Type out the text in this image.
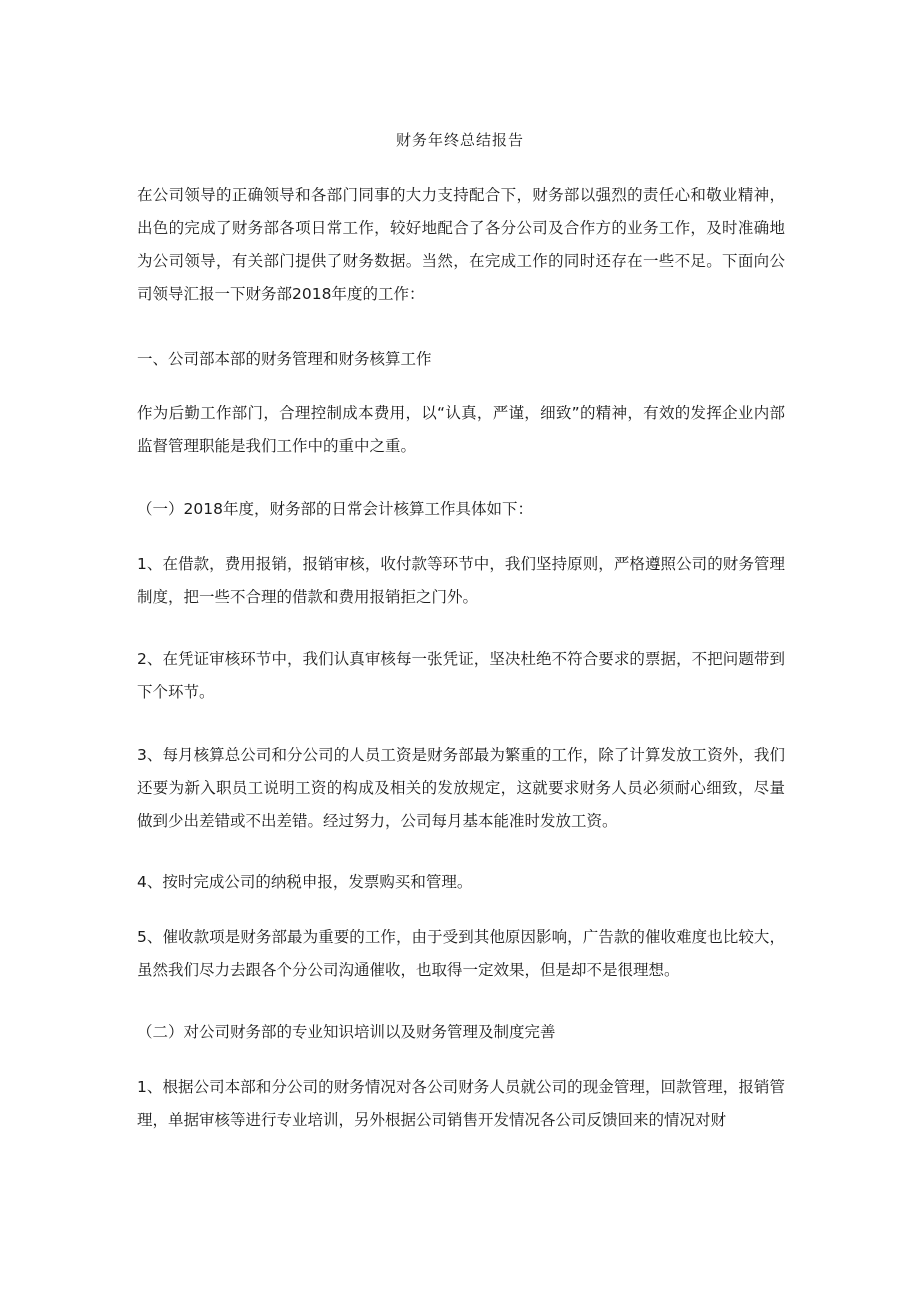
财务年终总结报告
在公司领导的正确领导和各部门同事的大力支持配合下，财务部以强烈的责任心和敬业精神，出色的完成了财务部各项日常工作，较好地配合了各分公司及合作方的业务工作，及时准确地为公司领导，有关部门提供了财务数据。当然，在完成工作的同时还存在一些不足。下面向公司领导汇报一下财务部2018年度的工作：
一、公司部本部的财务管理和财务核算工作
作为后勤工作部门，合理控制成本费用，以“认真，严谨，细致”的精神，有效的发挥企业内部监督管理职能是我们工作中的重中之重。
（一）2018年度，财务部的日常会计核算工作具体如下：
1、在借款，费用报销，报销审核，收付款等环节中，我们坚持原则，严格遵照公司的财务管理制度，把一些不合理的借款和费用报销拒之门外。
2、在凭证审核环节中，我们认真审核每一张凭证，坚决杜绝不符合要求的票据，不把问题带到下个环节。
3、每月核算总公司和分公司的人员工资是财务部最为繁重的工作，除了计算发放工资外，我们还要为新入职员工说明工资的构成及相关的发放规定，这就要求财务人员必须耐心细致，尽量做到少出差错或不出差错。经过努力，公司每月基本能准时发放工资。
4、按时完成公司的纳税申报，发票购买和管理。
5、催收款项是财务部最为重要的工作，由于受到其他原因影响，广告款的催收难度也比较大，虽然我们尽力去跟各个分公司沟通催收，也取得一定效果，但是却不是很理想。
（二）对公司财务部的专业知识培训以及财务管理及制度完善
1、根据公司本部和分公司的财务情况对各公司财务人员就公司的现金管理，回款管理，报销管理，单据审核等进行专业培训，另外根据公司销售开发情况各公司反馈回来的情况对财
